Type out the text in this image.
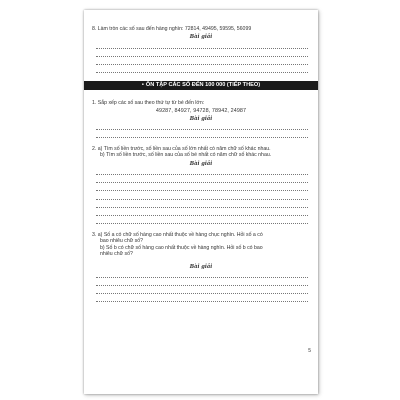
8. Làm tròn các số sau đến hàng nghìn: 72814, 49495, 59595, 56099
Bài giải
• ÔN TẬP CÁC SỐ ĐẾN 100 000 (TIẾP THEO)
1. Sắp xếp các số sau theo thứ tự từ bé đến lớn:
49287, 84927, 94728, 78942, 24987
Bài giải
2. a) Tìm số liền trước, số liền sau của số lớn nhất có năm chữ số khác nhau.
b) Tìm số liền trước, số liền sau của số bé nhất có năm chữ số khác nhau.
Bài giải
3. a) Số a có chữ số hàng cao nhất thuộc về hàng chục nghìn. Hỏi số a có
bao nhiêu chữ số?
b) Số b có chữ số hàng cao nhất thuộc về hàng nghìn. Hỏi số b có bao
nhiêu chữ số?
Bài giải
5
